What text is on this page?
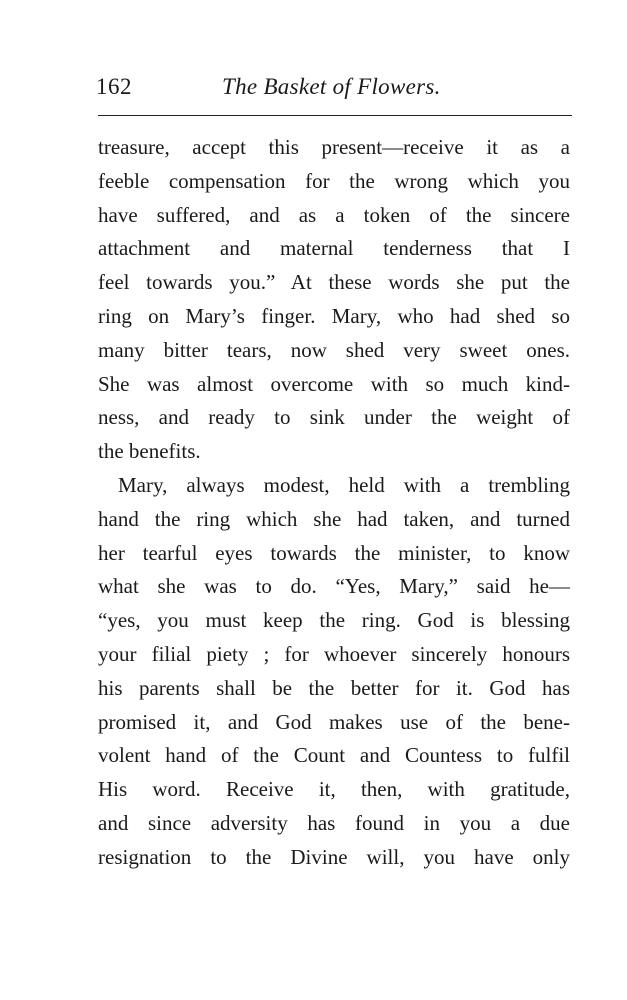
162	The Basket of Flowers.
treasure, accept this present—receive it as a
feeble compensation for the wrong which you
have suffered, and as a token of the sincere
attachment and maternal tenderness that I
feel towards you.” At these words she put the
ring on Mary’s finger. Mary, who had shed so
many bitter tears, now shed very sweet ones.
She was almost overcome with so much kind-
ness, and ready to sink under the weight of
the benefits.
Mary, always modest, held with a trembling
hand the ring which she had taken, and turned
her tearful eyes towards the minister, to know
what she was to do. “Yes, Mary,” said he—
“yes, you must keep the ring. God is blessing
your filial piety ; for whoever sincerely honours
his parents shall be the better for it. God has
promised it, and God makes use of the bene-
volent hand of the Count and Countess to fulfil
His word. Receive it, then, with gratitude,
and since adversity has found in you a due
resignation to the Divine will, you have only
